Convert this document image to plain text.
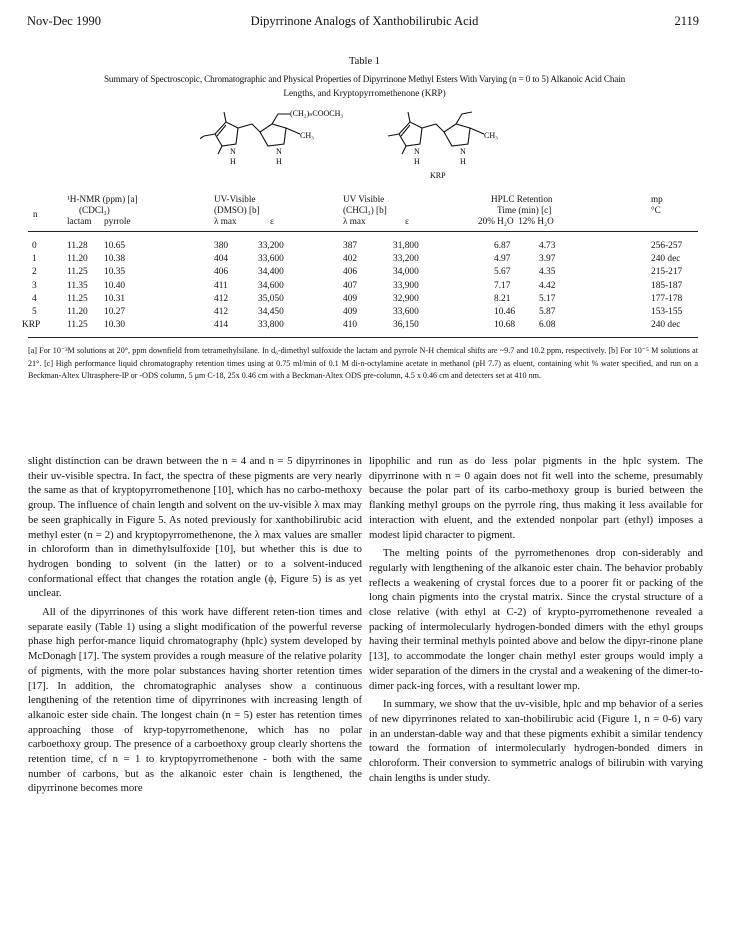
Nov-Dec 1990	Dipyrrinone Analogs of Xanthobilirubic Acid	2119
Table 1
Summary of Spectroscopic, Chromatographic and Physical Properties of Dipyrrinone Methyl Esters With Varying (n = 0 to 5) Alkanoic Acid Chain
Lengths, and Kryptopyrromethenone (KRP)
(CH₂)ₙCOOCH₃
CH₃
N
H
N
H
CH₃
N
H
N
H
KRP
¹H-NMR (ppm) [a]
(CDCl₃)
lactam pyrrole
n
UV-Visible
(DMSO) [b]
λ max	ε
UV Visible
(CHCl₃) [b]
λ max	ε
HPLC Retention
Time (min) [c]
20% H₂O  12% H₂O
mp
°C
0	11.28 10.65	380	33,200	387	31,800	6.87	4.73	256-257
1	11.20 10.38	404	33,600	402	33,200	4.97	3.97	240 dec
2	11.25 10.35	406	34,400	406	34,000	5.67	4.35	215-217
3	11.35 10.40	411	34,600	407	33,900	7.17	4.42	185-187
4	11.25 10.31	412	35,050	409	32,900	8.21	5.17	177-178
5	11.20 10.27	412	34,450	409	33,600	10.46	5.87	153-155
KRP	11.25 10.30	414	33,800	410	36,150	10.68	6.08	240 dec
[a] For 10⁻³M solutions at 20°, ppm downfield from tetramethylsilane. In d₆-dimethyl sulfoxide the lactam and pyrrole N-H chemical shifts are ~9.7 and 10.2 ppm, respectively. [b] For 10⁻⁵ M solutions at 21°. [c] High performance liquid chromatography retention times using at 0.75 ml/min of 0.1 M di-n-octylamine acetate in methanol (pH 7.7) as eluent, containing whit % water specified, and run on a Beckman-Altex Ultrasphere-IP or -ODS column, 5 μm C-18, 25x 0.46 cm with a Beckman-Altex ODS pre-column, 4.5 x 0.46 cm and detecters set at 410 nm.

slight distinction can be drawn between the n = 4 and n = 5 dipyrrinones in their uv-visible spectra. In fact, the spectra of these pigments are very nearly the same as that of kryptopyrromethenone [10], which has no carbo-methoxy group. The influence of chain length and solvent on the uv-visible λ max may be seen graphically in Figure 5. As noted previously for xanthobilirubic acid methyl ester (n = 2) and kryptopyrromethenone, the λ max values are smaller in chloroform than in dimethylsulfoxide [10], but whether this is due to hydrogen bonding to solvent (in the latter) or to a solvent-induced conformational effect that changes the rotation angle (ϕ, Figure 5) is as yet unclear.

All of the dipyrrinones of this work have different reten-tion times and separate easily (Table 1) using a slight modification of the powerful reverse phase high perfor-mance liquid chromatography (hplc) system developed by McDonagh [17]. The system provides a rough measure of the relative polarity of pigments, with the more polar substances having shorter retention times [17]. In addition, the chromatographic analyses show a continuous lengthening of the retention time of dipyrrinones with increasing length of alkanoic ester side chain. The longest chain (n = 5) ester has retention times approaching those of kryp-topyrromethenone, which has no polar carboethoxy group. The presence of a carboethoxy group clearly shortens the retention time, cf n = 1 to kryptopyrromethenone - both with the same number of carbons, but as the alkanoic ester chain is lengthened, the dipyrrinone becomes more

lipophilic and run as do less polar pigments in the hplc system. The dipyrrinone with n = 0 again does not fit well into the scheme, presumably because the polar part of its carbo-methoxy group is buried between the flanking methyl groups on the pyrrole ring, thus making it less available for interaction with eluent, and the extended nonpolar part (ethyl) imposes a modest lipid character to pigment.

The melting points of the pyrromethenones drop con-siderably and regularly with lengthening of the alkanoic ester chain. The behavior probably reflects a weakening of crystal forces due to a poorer fit or packing of the long chain pigments into the crystal matrix. Since the crystal structure of a close relative (with ethyl at C-2) of krypto-pyrromethenone revealed a packing of intermolecularly hydrogen-bonded dimers with the ethyl groups having their terminal methyls pointed above and below the dipyr-rinone plane [13], to accommodate the longer chain methyl ester groups would imply a wider separation of the dimers in the crystal and a weakening of the dimer-to-dimer pack-ing forces, with a resultant lower mp.

In summary, we show that the uv-visible, hplc and mp behavior of a series of new dipyrrinones related to xan-thobilirubic acid (Figure 1, n = 0-6) vary in an understan-dable way and that these pigments exhibit a similar tendency toward the formation of intermolecularly hydrogen-bonded dimers in chloroform. Their conversion to symmetric analogs of bilirubin with varying chain lengths is under study.
